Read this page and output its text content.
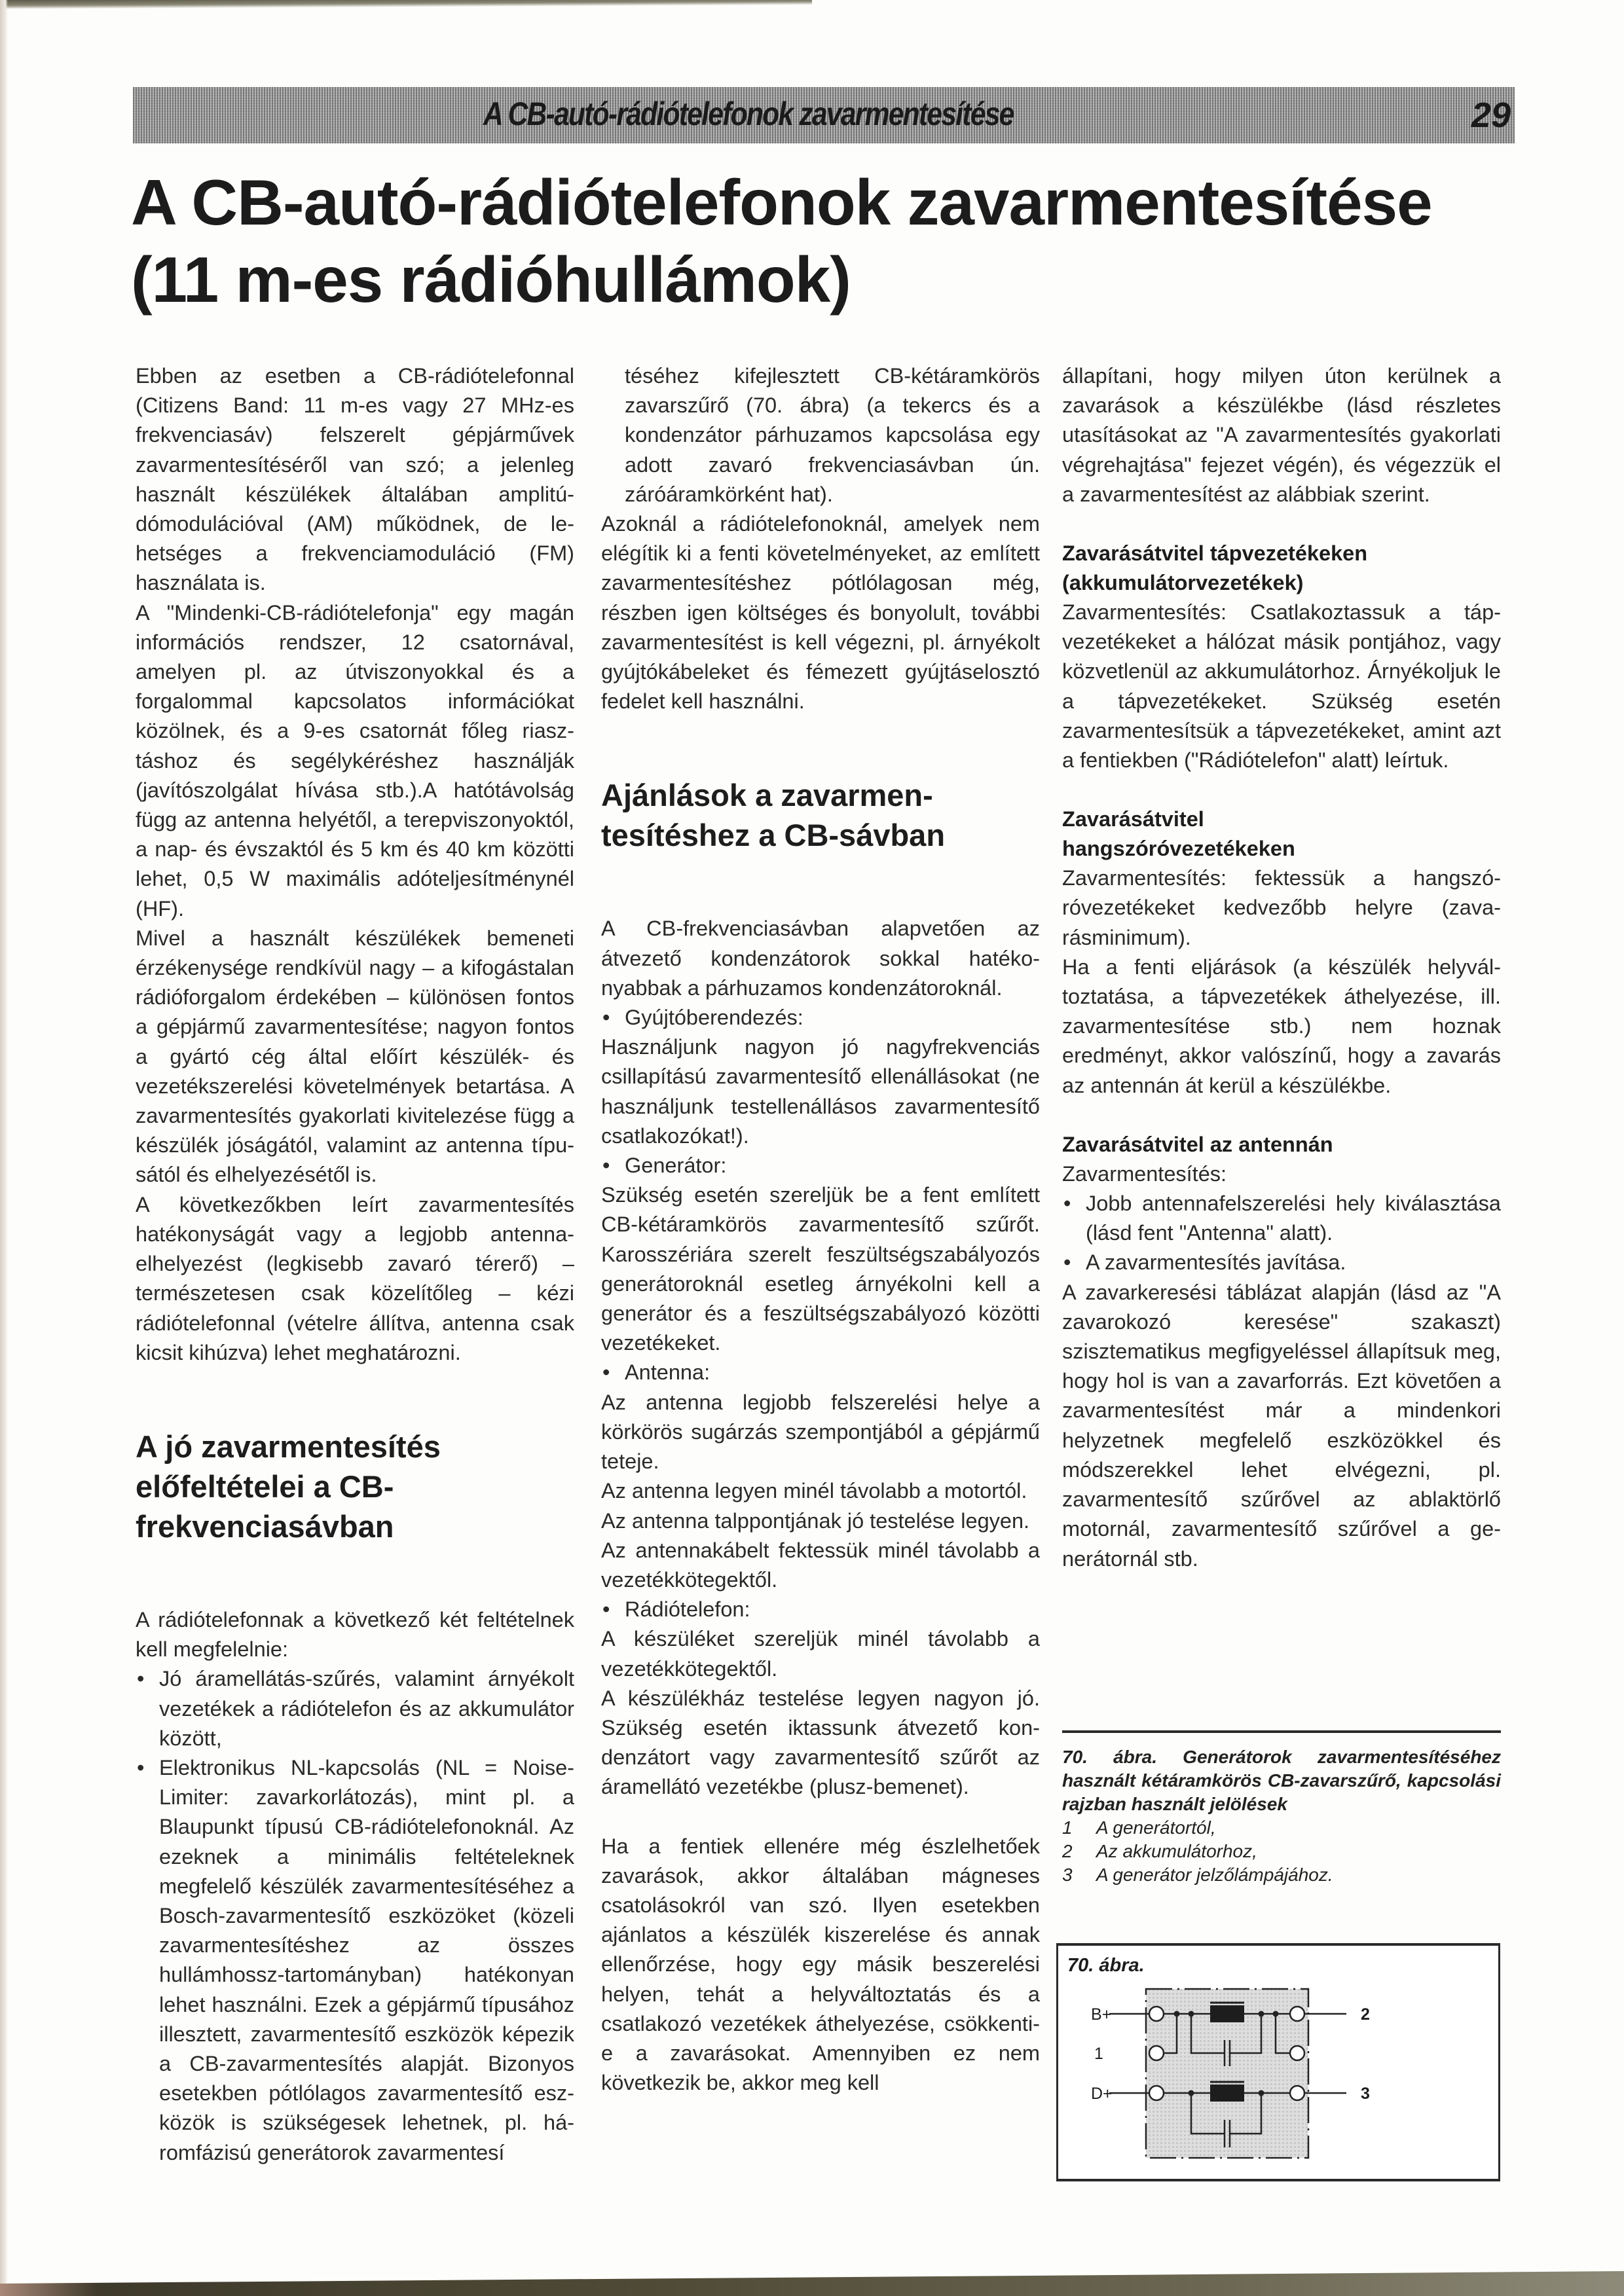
A CB-autó-rádiótelefonok zavarmentesítése	29
A CB-autó-rádiótelefonok zavarmentesítése
(11 m-es rádióhullámok)

Ebben az esetben a CB-rádiótelefonnal (Citizens Band: 11 m-es vagy 27 MHz-es frekvenciasáv) felszerelt gépjárművek zavarmentesítéséről van szó; a jelenleg használt készülékek általában amplitúdómodulációval (AM) működnek, de lehetséges a frekvenciamoduláció (FM) használata is.

A "Mindenki-CB-rádiótelefonja" egy magán információs rendszer, 12 csatornával, amelyen pl. az útviszonyokkal és a forgalommal kapcsolatos információkat közölnek, és a 9-es csatornát főleg riasztáshoz és segélykéréshez használják (javítószolgálat hívása stb.).A hatótávolság függ az antenna helyétől, a terepviszonyoktól, a nap- és évszaktól és 5 km és 40 km közötti lehet, 0,5 W maximális adóteljesítménynél (HF).

Mivel a használt készülékek bemeneti érzékenysége rendkívül nagy – a kifogástalan rádióforgalom érdekében – különösen fontos a gépjármű zavarmentesítése; nagyon fontos a gyártó cég által előírt készülék- és vezetékszerelési követelmények betartása. A zavarmentesítés gyakorlati kivitelezése függ a készülék jóságától, valamint az antenna típusától és elhelyezésétől is.

A következőkben leírt zavarmentesítés hatékonyságát vagy a legjobb antennaelhelyezést (legkisebb zavaró térerő) – természetesen csak közelítőleg – kézi rádiótelefonnal (vételre állítva, antenna csak kicsit kihúzva) lehet meghatározni.

A jó zavarmentesítés előfeltételei a CB-frekvenciasávban

A rádiótelefonnak a következő két feltételnek kell megfelelnie:

• Jó áramellátás-szűrés, valamint árnyékolt vezetékek a rádiótelefon és az akkumulátor között,
• Elektronikus NL-kapcsolás (NL = Noise-Limiter: zavarkorlátozás), mint pl. a Blaupunkt típusú CB-rádiótelefonoknál. Az ezeknek a minimális feltételeknek megfelelő készülék zavarmentesítéséhez a Bosch-zavarmentesítő eszközöket (közeli zavarmentesítéshez az összes hullámhossz-tartományban) hatékonyan lehet használni. Ezek a gépjármű típusához illesztett, zavarmentesítő eszközök képezik a CB-zavarmentesítés alapját. Bizonyos esetekben pótlólagos zavarmentesítő eszközök is szükségesek lehetnek, pl. háromfázisú generátorok zavarmentesí

téséhez kifejlesztett CB-kétáramkörös zavarszűrő (70. ábra) (a tekercs és a kondenzátor párhuzamos kapcsolása egy adott zavaró frekvenciasávban ún. záróáramkörként hat).

Azoknál a rádiótelefonoknál, amelyek nem elégítik ki a fenti követelményeket, az említett zavarmentesítéshez pótlólagosan még, részben igen költséges és bonyolult, további zavarmentesítést is kell végezni, pl. árnyékolt gyújtókábeleket és fémezett gyújtáselosztó fedelet kell használni.

Ajánlások a zavarmentesítéshez a CB-sávban

A CB-frekvenciasávban alapvetően az átvezető kondenzátorok sokkal hatékonyabbak a párhuzamos kondenzátoroknál.

• Gyújtóberendezés:

Használjunk nagyon jó nagyfrekvenciás csillapítású zavarmentesítő ellenállásokat (ne használjunk testellenállásos zavarmentesítő csatlakozókat!).

• Generátor:

Szükség esetén szereljük be a fent említett CB-kétáramkörös zavarmentesítő szűrőt. Karosszériára szerelt feszültségszabályozós generátoroknál esetleg árnyékolni kell a generátor és a feszültségszabályozó közötti vezetékeket.

• Antenna:

Az antenna legjobb felszerelési helye a körkörös sugárzás szempontjából a gépjármű teteje.

Az antenna legyen minél távolabb a motortól.

Az antenna talppontjának jó testelése legyen.

Az antennakábelt fektessük minél távolabb a vezetékkötegektől.

• Rádiótelefon:

A készüléket szereljük minél távolabb a vezetékkötegektől.

A készülékház testelése legyen nagyon jó. Szükség esetén iktassunk átvezető kondenzátort vagy zavarmentesítő szűrőt az áramellátó vezetékbe (plusz-bemenet).

Ha a fentiek ellenére még észlelhetőek zavarások, akkor általában mágneses csatolásokról van szó. Ilyen esetekben ajánlatos a készülék kiszerelése és annak ellenőrzése, hogy egy másik beszerelési helyen, tehát a helyváltoztatás és a csatlakozó vezetékek áthelyezése, csökkenti-e a zavarásokat. Amennyiben ez nem következik be, akkor meg kell

állapítani, hogy milyen úton kerülnek a zavarások a készülékbe (lásd részletes utasításokat az "A zavarmentesítés gyakorlati végrehajtása" fejezet végén), és végezzük el a zavarmentesítést az alábbiak szerint.

Zavarásátvitel tápvezetékeken (akkumulátorvezetékek)

Zavarmentesítés: Csatlakoztassuk a tápvezetékeket a hálózat másik pontjához, vagy közvetlenül az akkumulátorhoz. Árnyékoljuk le a tápvezetékeket. Szükség esetén zavarmentesítsük a tápvezetékeket, amint azt a fentiekben ("Rádiótelefon" alatt) leírtuk.

Zavarásátvitel
hangszóróvezetékeken

Zavarmentesítés: fektessük a hangszóróvezetékeket kedvezőbb helyre (zavarásminimum).

Ha a fenti eljárások (a készülék helyváltoztatása, a tápvezetékek áthelyezése, ill. zavarmentesítése stb.) nem hoznak eredményt, akkor valószínű, hogy a zavarás az antennán át kerül a készülékbe.

Zavarásátvitel az antennán

Zavarmentesítés:

• Jobb antennafelszerelési hely kiválasztása (lásd fent "Antenna" alatt).
• A zavarmentesítés javítása.

A zavarkeresési táblázat alapján (lásd az "A zavarokozó keresése" szakaszt) szisztematikus megfigyeléssel állapítsuk meg, hogy hol is van a zavarforrás. Ezt követően a zavarmentesítést már a mindenkori helyzetnek megfelelő eszközökkel és módszerekkel lehet elvégezni, pl. zavarmentesítő szűrővel az ablaktörlő motornál, zavarmentesítő szűrővel a generátornál stb.

70. ábra. Generátorok zavarmentesítéséhez használt kétáramkörös CB-zavarszűrő, kapcsolási rajzban használt jelölések
1	A generátortól,
2	Az akkumulátorhoz,
3	A generátor jelzőlámpájához.
B+
1
D+
2
3
70. ábra.
